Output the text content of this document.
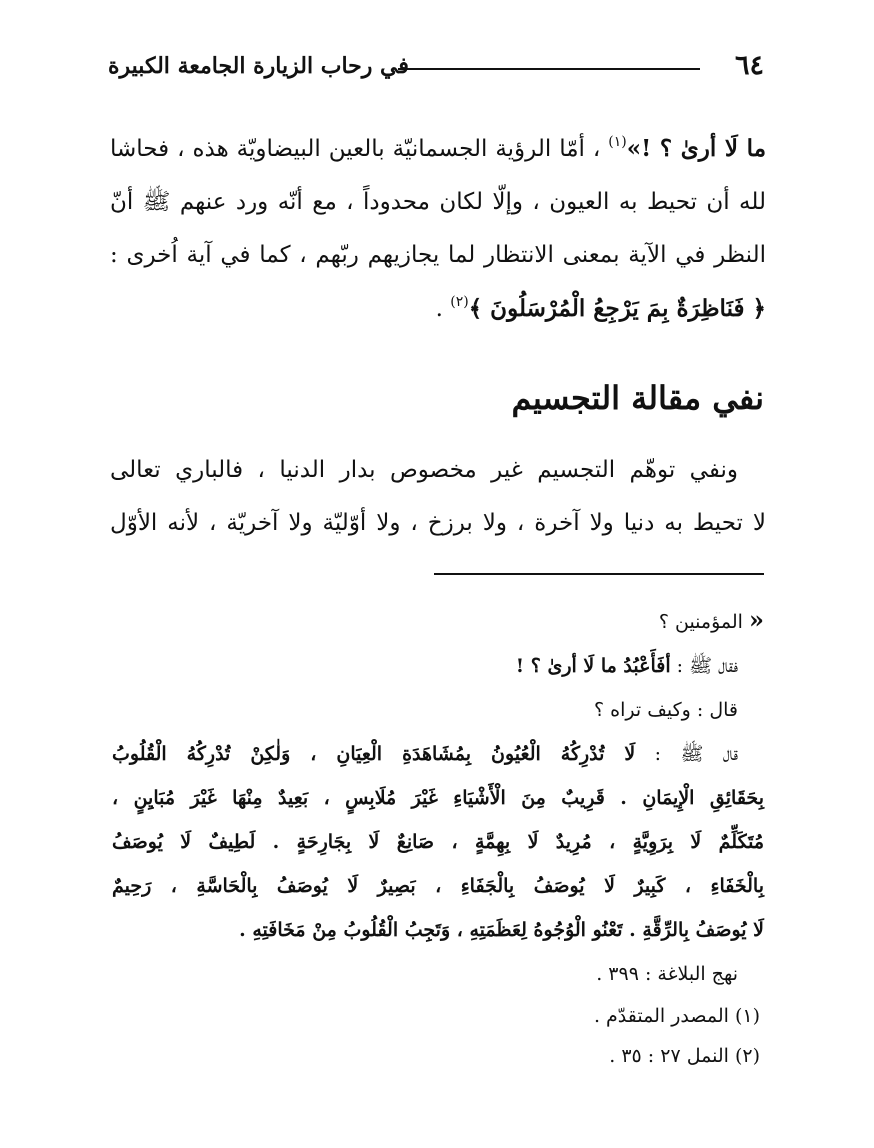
٦٤
في رحاب الزيارة الجامعة الكبيرة
ما لَا أرىٰ ؟ !»$^{(١)}$ ، أمّا الرؤية الجسمانيّة بالعين البيضاويّة هذه ، فحاشا
لله أن تحيط به العيون ، وإلّا لكان محدوداً ، مع أنّه ورد عنهم ﷺ أنّ
النظر في الآية بمعنى الانتظار لما يجازيهم ربّهم ، كما في آية اُخرى :
﴿ فَنَاظِرَةٌ بِمَ يَرْجِعُ الْمُرْسَلُونَ ﴾$^{(٢)}$ .
نفي مقالة التجسيم
ونفي توهّم التجسيم غير مخصوص بدار الدنيا ، فالباري تعالى
لا تحيط به دنيا ولا آخرة ، ولا برزخ ، ولا أوّليّة ولا آخريّة ، لأنه الأوّل
« المؤمنين ؟
فقال ﷺ : أفَأَعْبُدُ ما لَا أرىٰ ؟ !
قال : وكيف تراه ؟
قال ﷺ : لَا تُدْرِكُهُ الْعُيُونُ بِمُشَاهَدَةِ الْعِيَانِ ، وَلٰكِنْ تُدْرِكُهُ الْقُلُوبُ
بِحَقَائِقِ الْإِيمَانِ . قَرِيبٌ مِنَ الْأَشْيَاءِ غَيْرَ مُلَابِسٍ ، بَعِيدٌ مِنْهَا غَيْرَ مُبَايِنٍ ،
مُتَكَلِّمٌ لَا بِرَوِيَّةٍ ، مُرِيدٌ لَا بِهِمَّةٍ ، صَانِعٌ لَا بِجَارِحَةٍ . لَطِيفٌ لَا يُوصَفُ
بِالْخَفَاءِ ، كَبِيرٌ لَا يُوصَفُ بِالْجَفَاءِ ، بَصِيرٌ لَا يُوصَفُ بِالْحَاسَّةِ ، رَحِيمٌ
لَا يُوصَفُ بِالرِّقَّةِ . تَعْنُو الْوُجُوهُ لِعَظَمَتِهِ ، وَتَجِبُ الْقُلُوبُ مِنْ مَخَافَتِهِ .
نهج البلاغة : ٣٩٩ .
(١) المصدر المتقدّم .
(٢) النمل ٢٧ : ٣٥ .
